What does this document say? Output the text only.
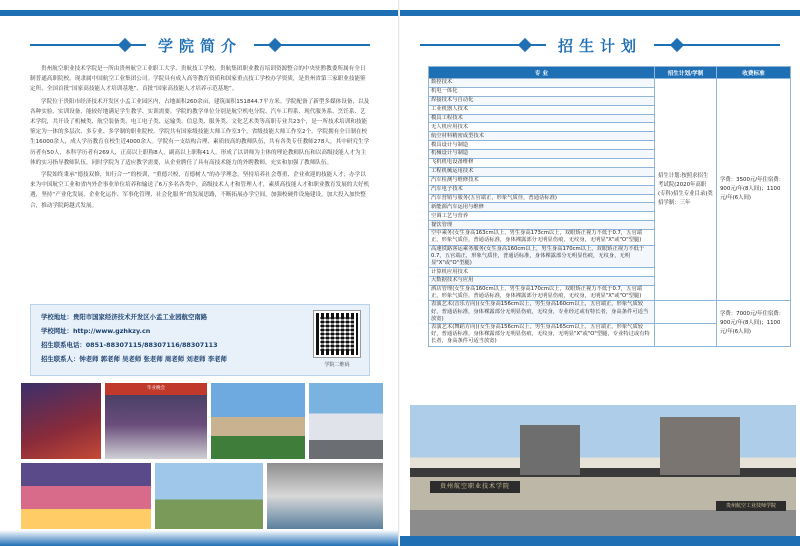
学院简介

贵州航空职业技术学院是一所由贵州航空工业职工大学、贵航技工学校、贵航集团职业教育培训资源整合的中央驻黔教委所属有全日制普通高职院校。现隶属中国航空工业集团公司。学院具有成人高等教育资质和国家重点技工学校办学资质，是贵州省第三家职业技能鉴定所、全国首批“国家高技能人才培训基地”、首批“国家高技能人才培养示范基地”。

学院位于贵阳市经济技术开发区小孟工业园区内，占地面积260余亩，建筑面积151844.7平方米。学院配备了新型多媒体设备，以及各种实验、实训设备，能较好地满足学生教学、实训需要。学院的教学单位分别是航空机电分院、汽车工程系、现代服务系、烹饪系、艺术学院，共开设了机械类、航空装备类、电工电子类、运输类、信息类、服务类、文化艺术类等高职专业共23个，是一所技术培训和技能鉴定为一体的多层次、多专业、多学制的职业院校。学院共有国家级技能大师工作室3个，省级技能大师工作室2个。学院拥有全日制在校生16000余人，成人学历教育在校生近4000余人。学院有一支结构合理、素质较高的教师队伍，共有各类专任教师278人，其中研究生学历者有50人，本科学历者有269人，正高以上职称8人，副高以上职称41人。形成了以讲师为主体的理论教师队伍和以高级技能人才为主体的实习指导教师队伍，同时学院为了适应教学需要，从企业聘任了具有高技术能力的外聘教师，充实和加强了教师队伍。

学院始终秉承“德技双修，知行合一”的校训，“重德兴校，育德树人”的办学理念，坚持培养社会尊重、企业欢迎的技能人才；办学以来为中国航空工业和省内外企事业单位培养和输送了6万多名各类中、高级技术人才和管理人才，素质高技能人才和职业教育发展的大好机遇，坚持“产业化发展、企业化运作、军事化管理、社会化服务”的发展思路，不断拓展办学空间，加强校硬件设施建设，加大投入加快整合，推动学院跨越式发展。

学校地址：贵阳市国家经济技术开发区小孟工业园航空南路
学校网址：http://www.gzhkzy.cn
招生联系电话：0851-88307115/88307116/88307113
招生联系人：钟老师 郭老师 吴老师 张老师 周老师 刘老师 李老师
学院二维码
毕业晚会
招生计划
专 业	招生计划/学制	收费标准
数控技术	招生计划:按照求招生考试院(2020年高职(专科)招生专业目录)类招学制：三年	学费：3500元/年住宿费：900元/年(8人间)；1100元/年(6人间)
机电一体化		
焊接技术与自动化		
工业机器人技术		
模具工程技术		
无人机应用技术		
航空材料精密成型技术		
模具设计与制造		
机械设计与制造		
飞机机电设备维修		
工程机械运用技术		
汽车检测与维修技术		
汽车电子技术		
汽车营销与服务(五官端正，形象气质佳，普通话标准)		
新能源汽车运用与维修		
空调工艺与营养		
餐饮管理		
空中乘务(女生身高163cm以上，男生身高173cm以上，双眼矫正视力不低于0.7，五官端正，形象气质佳，普通话标准，身体裸露部分无明显伤痕，无纹身，无明显"X"或"O"型腿)		
高速铁路客运乘务服务(女生身高160cm以上，男生身高170cm以上，双眼矫正视力不低于0.7，五官端正，形象气质佳，普通话标准，身体裸露部分无明显伤痕，无纹身，无明显"X"或"O"型腿)		
计算机应用技术		
大数据技术与应用		
酒店管理(女生身高160cm以上，男生身高170cm以上，双眼矫正视力不低于0.7，五官端正，形象气质佳，普通话标准，身体裸露部分无明显伤痕，无纹身，无明显"X"或"O"型腿)		
表演艺术(音乐方向)(女生身高156cm以上，男生身高160cm以上，五官端正，形象气质较好，普通话标准，身体裸露部分无明显伤痕，无纹身，专业经过或有特长者，身高条件可适当放宽)		学费：7000元/年住宿费：900元/年(8人间)；1100元/年(6人间)
表演艺术(舞蹈方向)(女生身高156cm以上，男生身高165cm以上，五官端正，形象气质较好，普通话标准，身体裸露部分无明显伤痕，无纹身，无明显"X"或"O"型腿，专业特过或有特长者，身高条件可适当放宽)		
贵州航空职业技术学院
贵州航空工业技师学院
